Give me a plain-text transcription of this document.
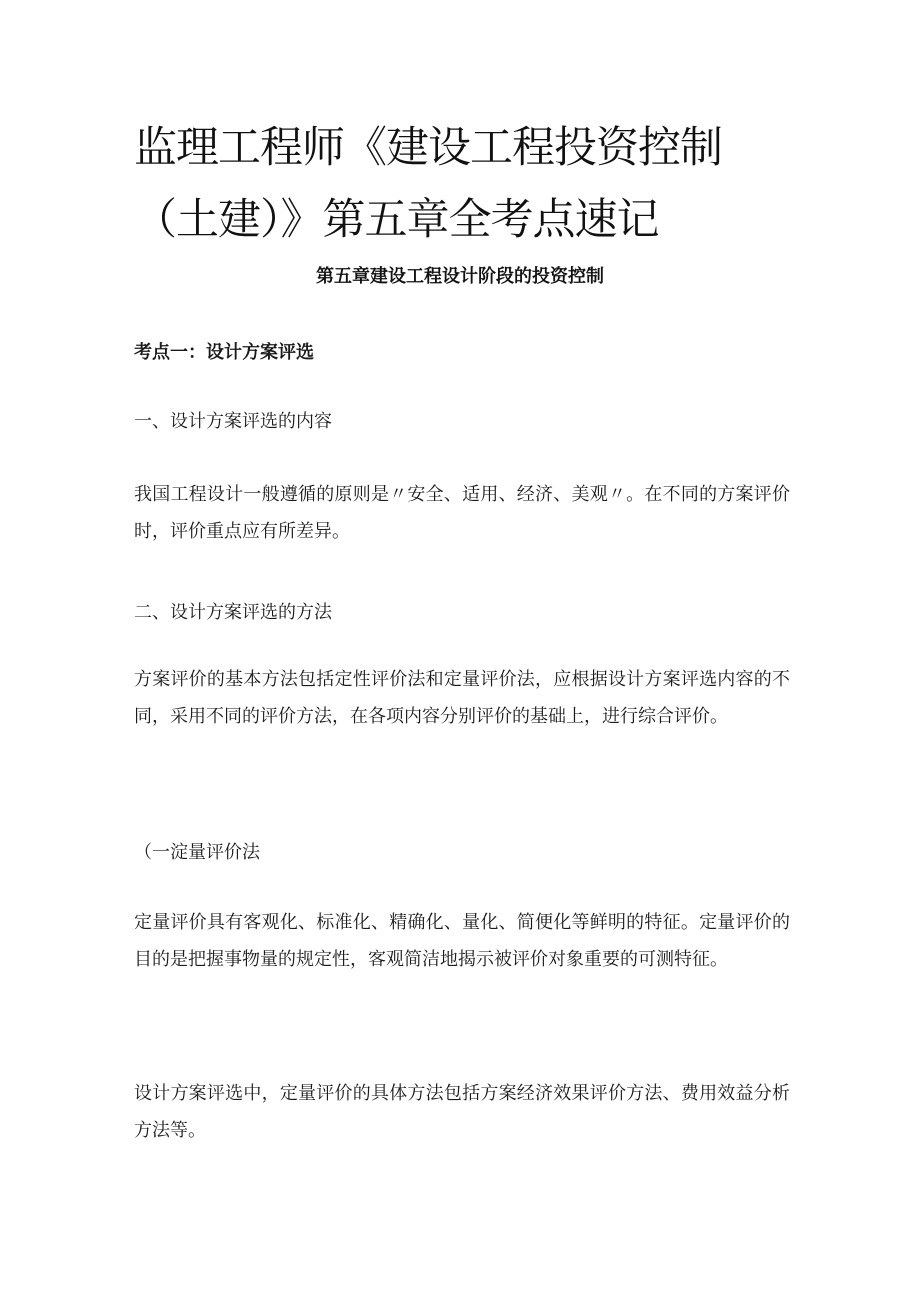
监理工程师《建设工程投资控制
（土建）》第五章全考点速记
第五章建设工程设计阶段的投资控制

考点一：设计方案评选

一、设计方案评选的内容

我国工程设计一般遵循的原则是〃安全、适用、经济、美观〃。在不同的方案评价时，评价重点应有所差异。

二、设计方案评选的方法

方案评价的基本方法包括定性评价法和定量评价法，应根据设计方案评选内容的不同，采用不同的评价方法，在各项内容分别评价的基础上，进行综合评价。

（一淀量评价法

定量评价具有客观化、标准化、精确化、量化、简便化等鲜明的特征。定量评价的目的是把握事物量的规定性，客观简洁地揭示被评价对象重要的可测特征。

设计方案评选中，定量评价的具体方法包括方案经济效果评价方法、费用效益分析方法等。
